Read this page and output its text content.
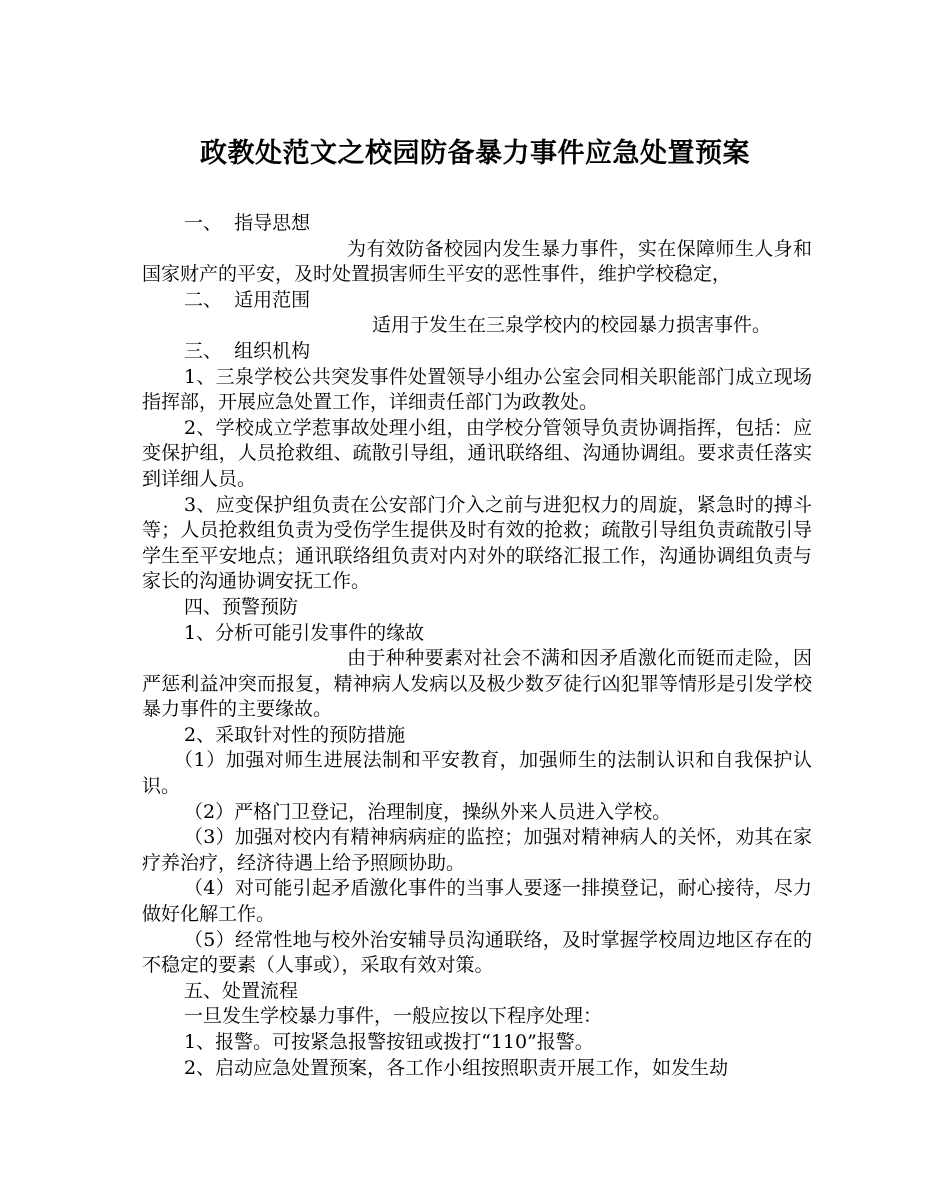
政教处范文之校园防备暴力事件应急处置预案

一、  指导思想

为有效防备校园内发生暴力事件，实在保障师生人身和国家财产的平安，及时处置损害师生平安的恶性事件，维护学校稳定，

二、  适用范围

适用于发生在三泉学校内的校园暴力损害事件。

三、  组织机构

1、三泉学校公共突发事件处置领导小组办公室会同相关职能部门成立现场指挥部，开展应急处置工作，详细责任部门为政教处。

2、学校成立学惹事故处理小组，由学校分管领导负责协调指挥，包括：应变保护组，人员抢救组、疏散引导组，通讯联络组、沟通协调组。要求责任落实到详细人员。

3、应变保护组负责在公安部门介入之前与进犯权力的周旋，紧急时的搏斗等；人员抢救组负责为受伤学生提供及时有效的抢救；疏散引导组负责疏散引导学生至平安地点；通讯联络组负责对内对外的联络汇报工作，沟通协调组负责与家长的沟通协调安抚工作。

四、预警预防

1、分析可能引发事件的缘故

由于种种要素对社会不满和因矛盾激化而铤而走险，因严惩利益冲突而报复，精神病人发病以及极少数歹徒行凶犯罪等情形是引发学校暴力事件的主要缘故。

2、采取针对性的预防措施

（1）加强对师生进展法制和平安教育，加强师生的法制认识和自我保护认识。

（2）严格门卫登记，治理制度，操纵外来人员进入学校。

（3）加强对校内有精神病病症的监控；加强对精神病人的关怀，劝其在家疗养治疗，经济待遇上给予照顾协助。

（4）对可能引起矛盾激化事件的当事人要逐一排摸登记，耐心接待，尽力做好化解工作。

（5）经常性地与校外治安辅导员沟通联络，及时掌握学校周边地区存在的不稳定的要素（人事或），采取有效对策。

五、处置流程

一旦发生学校暴力事件，一般应按以下程序处理：

1、报警。可按紧急报警按钮或拨打“110”报警。

2、启动应急处置预案，各工作小组按照职责开展工作，如发生劫
